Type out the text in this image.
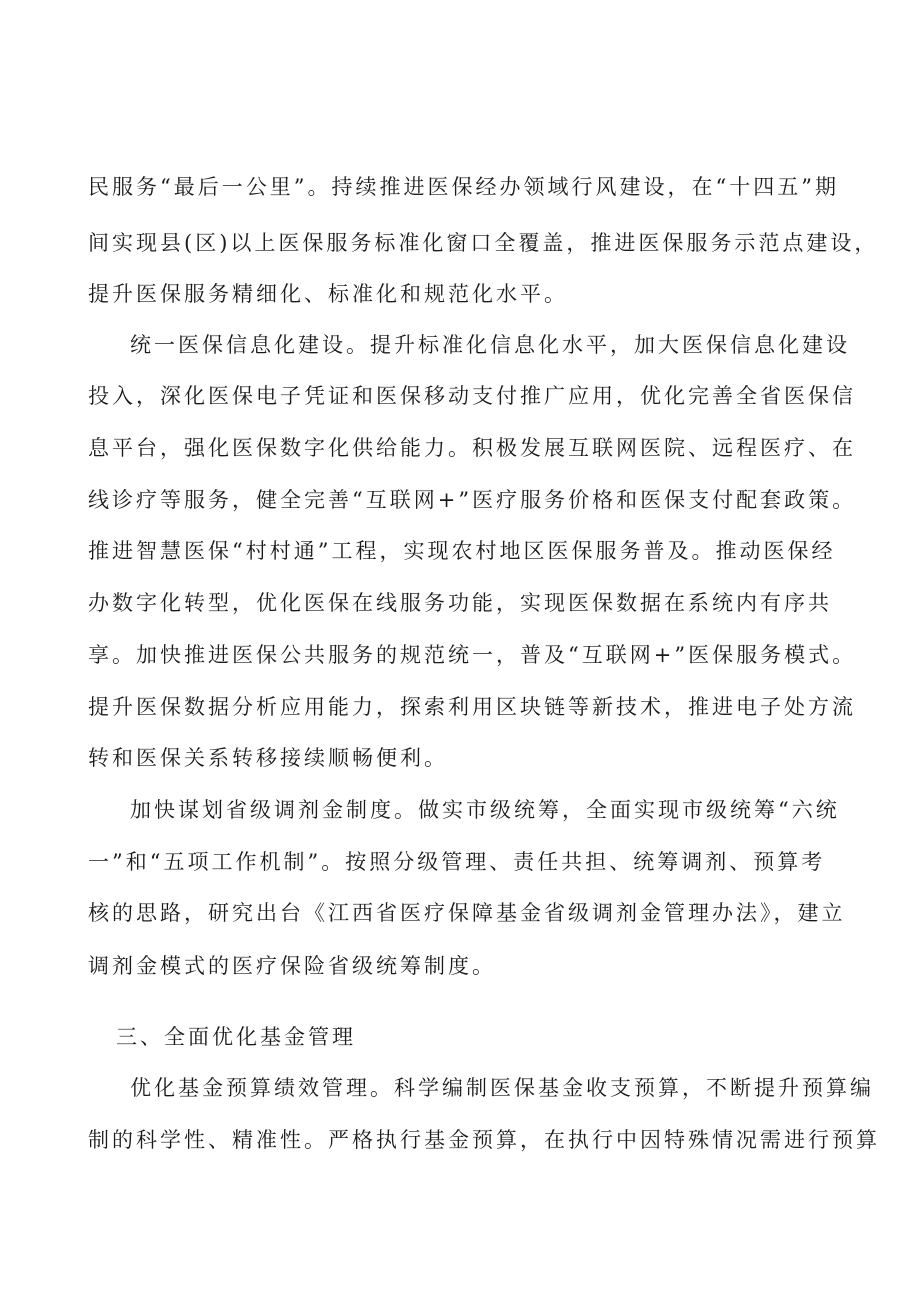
民服务“最后一公里”。持续推进医保经办领域行风建设，在“十四五”期
间实现县(区)以上医保服务标准化窗口全覆盖，推进医保服务示范点建设，
提升医保服务精细化、标准化和规范化水平。
统一医保信息化建设。提升标准化信息化水平，加大医保信息化建设
投入，深化医保电子凭证和医保移动支付推广应用，优化完善全省医保信
息平台，强化医保数字化供给能力。积极发展互联网医院、远程医疗、在
线诊疗等服务，健全完善“互联网+”医疗服务价格和医保支付配套政策。
推进智慧医保“村村通”工程，实现农村地区医保服务普及。推动医保经
办数字化转型，优化医保在线服务功能，实现医保数据在系统内有序共
享。加快推进医保公共服务的规范统一，普及“互联网+”医保服务模式。
提升医保数据分析应用能力，探索利用区块链等新技术，推进电子处方流
转和医保关系转移接续顺畅便利。
加快谋划省级调剂金制度。做实市级统筹，全面实现市级统筹“六统
一”和“五项工作机制”。按照分级管理、责任共担、统筹调剂、预算考
核的思路，研究出台《江西省医疗保障基金省级调剂金管理办法》，建立
调剂金模式的医疗保险省级统筹制度。
三、全面优化基金管理
优化基金预算绩效管理。科学编制医保基金收支预算，不断提升预算编
制的科学性、精准性。严格执行基金预算，在执行中因特殊情况需进行预算
